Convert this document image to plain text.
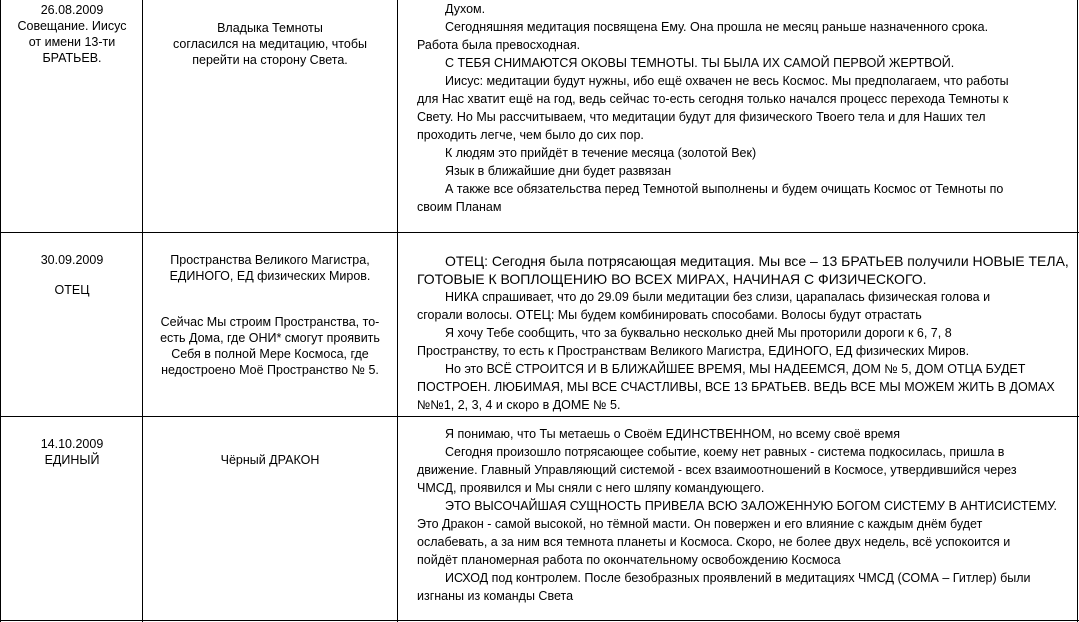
26.08.2009

Совещание. Иисус

от имени 13-ти

БРАТЬЕВ.

Владыка Темноты

согласился на медитацию, чтобы

перейти на сторону Света.

Духом.

Сегодняшняя медитация посвящена Ему. Она прошла не месяц раньше назначенного срока.

Работа была превосходная.

С ТЕБЯ СНИМАЮТСЯ ОКОВЫ ТЕМНОТЫ. ТЫ БЫЛА ИХ САМОЙ ПЕРВОЙ ЖЕРТВОЙ.

Иисус: медитации будут нужны, ибо ещё охвачен не весь Космос. Мы предполагаем, что работы

для Нас хватит ещё на год, ведь сейчас то-есть сегодня только начался процесс перехода Темноты к

Свету. Но Мы рассчитываем, что медитации будут для физического Твоего тела и для Наших тел

проходить легче, чем было до сих пор.

К людям это прийдёт в течение месяца (золотой Век)

Язык в ближайшие дни будет развязан

А также все обязательства перед Темнотой выполнены и будем очищать Космос от Темноты по

своим Планам

30.09.2009

ОТЕЦ

Пространства Великого Магистра,

ЕДИНОГО, ЕД физических Миров.

Сейчас Мы строим Пространства, то-

есть Дома, где ОНИ* смогут проявить

Себя в полной Мере Космоса, где

недостроено Моё Пространство № 5.

ОТЕЦ: Сегодня была потрясающая медитация. Мы все – 13 БРАТЬЕВ получили НОВЫЕ ТЕЛА,

ГОТОВЫЕ К ВОПЛОЩЕНИЮ ВО ВСЕХ МИРАХ, НАЧИНАЯ С ФИЗИЧЕСКОГО.

НИКА спрашивает, что до 29.09 были медитации без слизи, царапалась физическая голова и

сгорали волосы. ОТЕЦ: Мы будем комбинировать способами. Волосы будут отрастать

Я хочу Тебе сообщить, что за буквально несколько дней Мы проторили дороги к 6, 7, 8

Пространству, то есть к Пространствам Великого Магистра, ЕДИНОГО, ЕД физических Миров.

Но это ВСЁ СТРОИТСЯ И В БЛИЖАЙШЕЕ ВРЕМЯ, МЫ НАДЕЕМСЯ, ДОМ № 5, ДОМ ОТЦА БУДЕТ

ПОСТРОЕН. ЛЮБИМАЯ, МЫ ВСЕ СЧАСТЛИВЫ, ВСЕ 13 БРАТЬЕВ. ВЕДЬ ВСЕ МЫ МОЖЕМ ЖИТЬ В ДОМАХ

№№1, 2, 3, 4 и скоро в ДОМЕ № 5.

14.10.2009

ЕДИНЫЙ	Чёрный ДРАКОН

Я понимаю, что Ты метаешь о Своём ЕДИНСТВЕННОМ, но всему своё время

Сегодня произошло потрясающее событие, коему нет равных - система подкосилась, пришла в

движение. Главный Управляющий системой - всех взаимоотношений в Космосе, утвердившийся через

ЧМСД, проявился и Мы сняли с него шляпу командующего.

ЭТО ВЫСОЧАЙШАЯ СУЩНОСТЬ ПРИВЕЛА ВСЮ ЗАЛОЖЕННУЮ БОГОМ СИСТЕМУ В АНТИСИСТЕМУ.

Это Дракон - самой высокой, но тёмной масти. Он повержен и его влияние с каждым днём будет

ослабевать, а за ним вся темнота планеты и Космоса. Скоро, не более двух недель, всё успокоится и

пойдёт планомерная работа по окончательному освобождению Космоса

ИСХОД под контролем. После безобразных проявлений в медитациях ЧМСД (СОМА – Гитлер) были

изгнаны из команды Света
